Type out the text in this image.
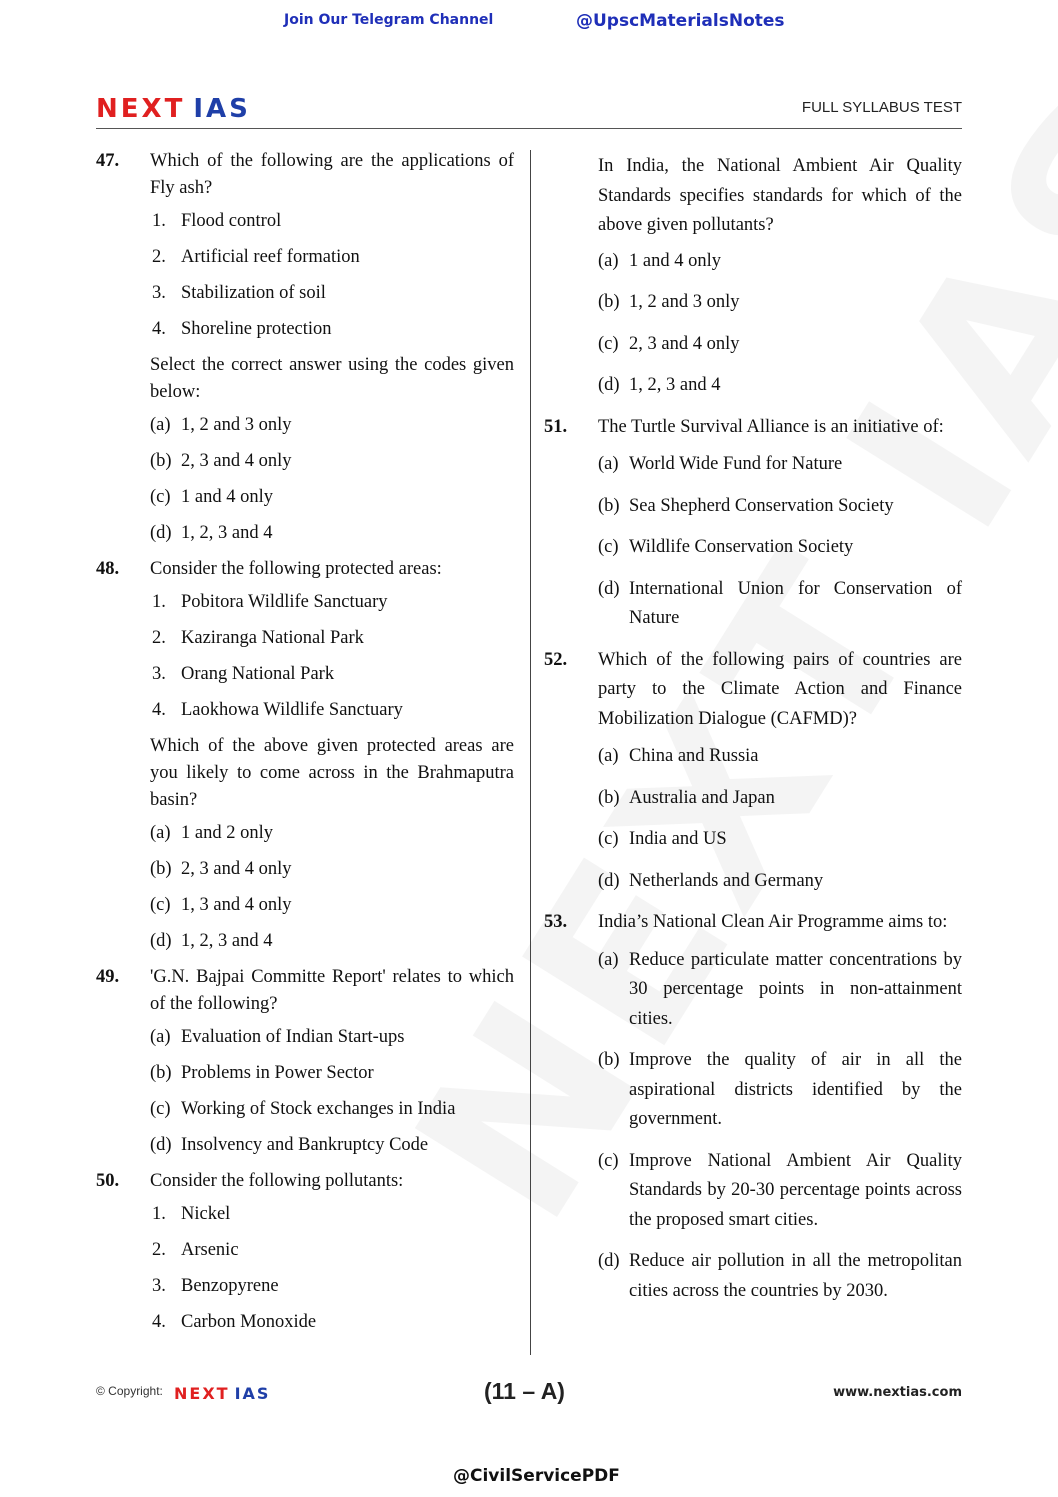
Join Our Telegram Channel	@UpscMaterialsNotes
NEXT IAS	FULL SYLLABUS TEST
47. Which of the following are the applications of Fly ash?
1. Flood control
2. Artificial reef formation
3. Stabilization of soil
4. Shoreline protection
Select the correct answer using the codes given below:
(a) 1, 2 and 3 only
(b) 2, 3 and 4 only
(c) 1 and 4 only
(d) 1, 2, 3 and 4
48. Consider the following protected areas:
1. Pobitora Wildlife Sanctuary
2. Kaziranga National Park
3. Orang National Park
4. Laokhowa Wildlife Sanctuary
Which of the above given protected areas are you likely to come across in the Brahmaputra basin?
(a) 1 and 2 only
(b) 2, 3 and 4 only
(c) 1, 3 and 4 only
(d) 1, 2, 3 and 4
49. 'G.N. Bajpai Committe Report' relates to which of the following?
(a) Evaluation of Indian Start-ups
(b) Problems in Power Sector
(c) Working of Stock exchanges in India
(d) Insolvency and Bankruptcy Code
50. Consider the following pollutants:
1. Nickel
2. Arsenic
3. Benzopyrene
4. Carbon Monoxide
In India, the National Ambient Air Quality Standards specifies standards for which of the above given pollutants?
(a) 1 and 4 only
(b) 1, 2 and 3 only
(c) 2, 3 and 4 only
(d) 1, 2, 3 and 4
51. The Turtle Survival Alliance is an initiative of:
(a) World Wide Fund for Nature
(b) Sea Shepherd Conservation Society
(c) Wildlife Conservation Society
(d) International Union for Conservation of Nature
52. Which of the following pairs of countries are party to the Climate Action and Finance Mobilization Dialogue (CAFMD)?
(a) China and Russia
(b) Australia and Japan
(c) India and US
(d) Netherlands and Germany
53. India’s National Clean Air Programme aims to:
(a) Reduce particulate matter concentrations by 30 percentage points in non-attainment cities.
(b) Improve the quality of air in all the aspirational districts identified by the government.
(c) Improve National Ambient Air Quality Standards by 20-30 percentage points across the proposed smart cities.
(d) Reduce air pollution in all the metropolitan cities across the countries by 2030.
© Copyright: NEXT IAS	(11 – A)	www.nextias.com
@CivilServicePDF
